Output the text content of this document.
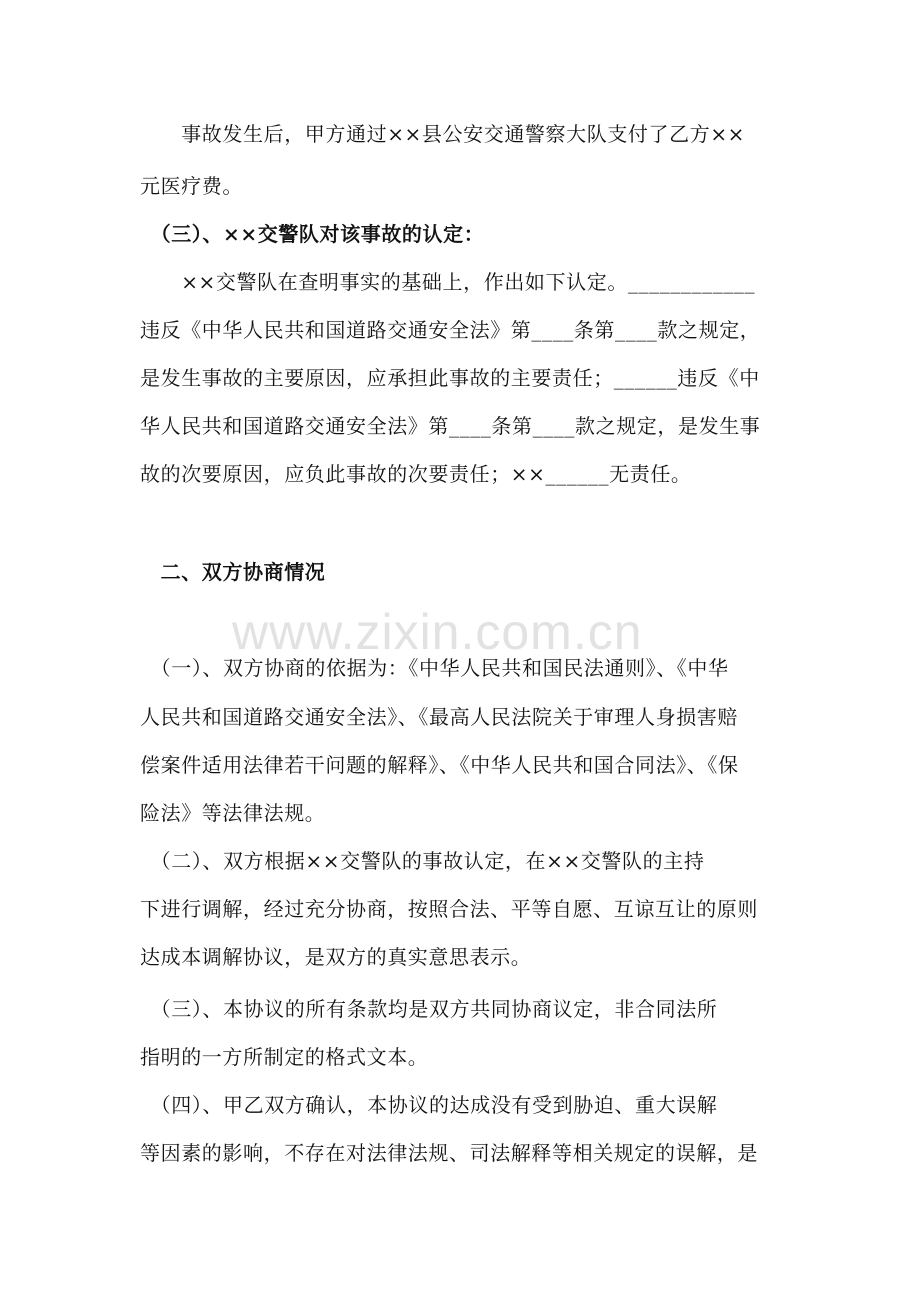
www.zixin.com.cn
　　事故发生后，甲方通过××县公安交通警察大队支付了乙方××
元医疗费。
　（三）、××交警队对该事故的认定：
　　××交警队在查明事实的基础上，作出如下认定。____________
违反《中华人民共和国道路交通安全法》第____条第____款之规定，
是发生事故的主要原因，应承担此事故的主要责任；______违反《中
华人民共和国道路交通安全法》第____条第____款之规定，是发生事
故的次要原因，应负此事故的次要责任；××______无责任。
　二、双方协商情况
　（一）、双方协商的依据为：《中华人民共和国民法通则》、《中华
人民共和国道路交通安全法》、《最高人民法院关于审理人身损害赔
偿案件适用法律若干问题的解释》、《中华人民共和国合同法》、《保
险法》等法律法规。
　（二）、双方根据××交警队的事故认定，在××交警队的主持
下进行调解，经过充分协商，按照合法、平等自愿、互谅互让的原则
达成本调解协议，是双方的真实意思表示。
　（三）、本协议的所有条款均是双方共同协商议定，非合同法所
指明的一方所制定的格式文本。
　（四）、甲乙双方确认，本协议的达成没有受到胁迫、重大误解
等因素的影响，不存在对法律法规、司法解释等相关规定的误解，是
